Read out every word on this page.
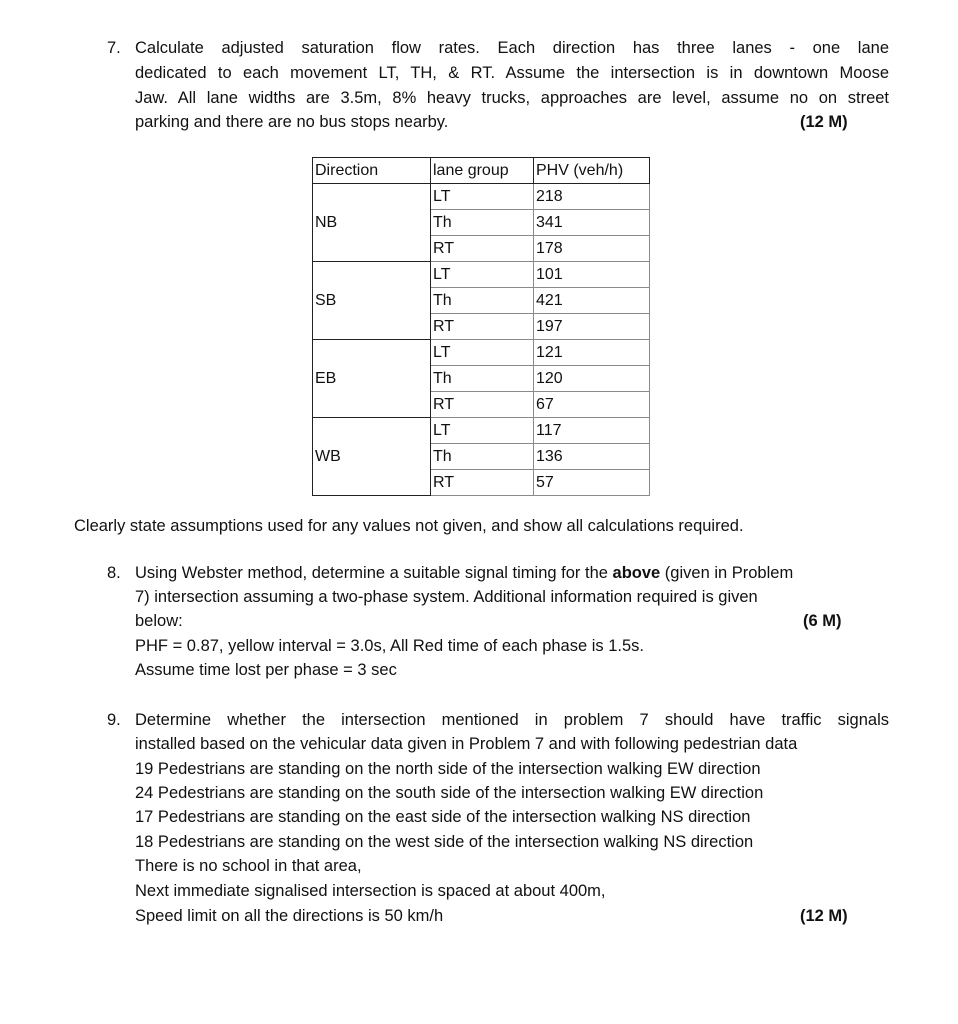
7. Calculate adjusted saturation flow rates. Each direction has three lanes - one lane
dedicated to each movement LT, TH, & RT. Assume the intersection is in downtown Moose
Jaw. All lane widths are 3.5m, 8% heavy trucks, approaches are level, assume no on street
parking and there are no bus stops nearby.	(12 M)
Direction	lane group	PHV (veh/h)
NB	LT	218
	Th	341
	RT	178
SB	LT	101
	Th	421
	RT	197
EB	LT	121
	Th	120
	RT	67
WB	LT	117
	Th	136
	RT	57
Clearly state assumptions used for any values not given, and show all calculations required.
8. Using Webster method, determine a suitable signal timing for the above (given in Problem
7) intersection assuming a two-phase system. Additional information required is given
below:	(6 M)
PHF = 0.87, yellow interval = 3.0s, All Red time of each phase is 1.5s.
Assume time lost per phase = 3 sec
9. Determine whether the intersection mentioned in problem 7 should have traffic signals
installed based on the vehicular data given in Problem 7 and with following pedestrian data
19 Pedestrians are standing on the north side of the intersection walking EW direction
24 Pedestrians are standing on the south side of the intersection walking EW direction
17 Pedestrians are standing on the east side of the intersection walking NS direction
18 Pedestrians are standing on the west side of the intersection walking NS direction
There is no school in that area,
Next immediate signalised intersection is spaced at about 400m,
Speed limit on all the directions is 50 km/h	(12 M)
